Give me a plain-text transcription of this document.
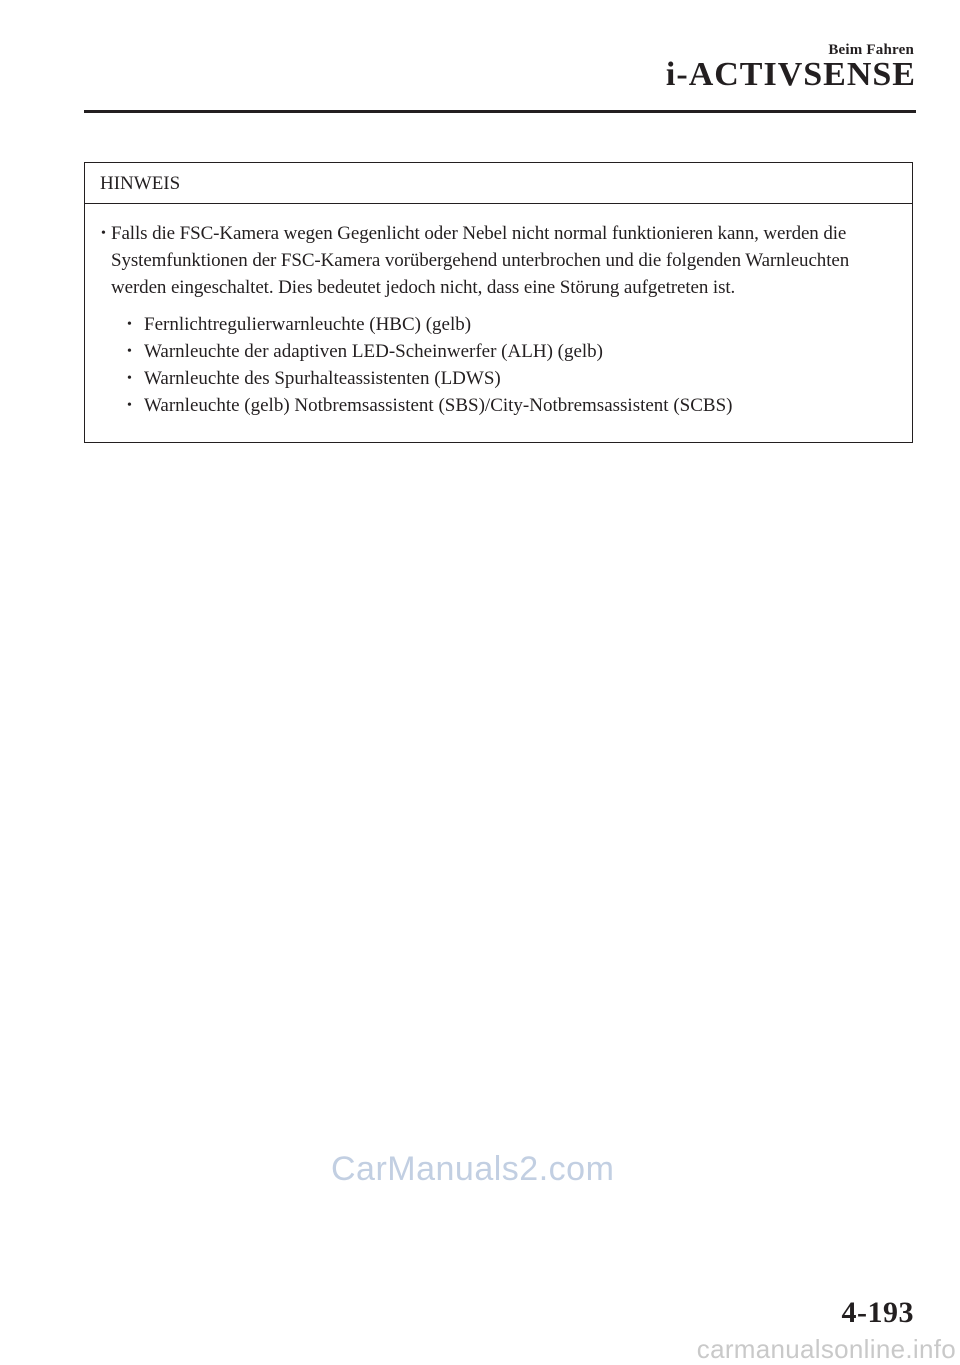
Beim Fahren
i-ACTIVSENSE
HINWEIS
• Falls die FSC-Kamera wegen Gegenlicht oder Nebel nicht normal funktionieren kann, werden die Systemfunktionen der FSC-Kamera vorübergehend unterbrochen und die folgenden Warnleuchten werden eingeschaltet. Dies bedeutet jedoch nicht, dass eine Störung aufgetreten ist.
• Fernlichtregulierwarnleuchte (HBC) (gelb)
• Warnleuchte der adaptiven LED-Scheinwerfer (ALH) (gelb)
• Warnleuchte des Spurhalteassistenten (LDWS)
• Warnleuchte (gelb) Notbremsassistent (SBS)/City-Notbremsassistent (SCBS)
CarManuals2.com
4-193
carmanualsonline.info
